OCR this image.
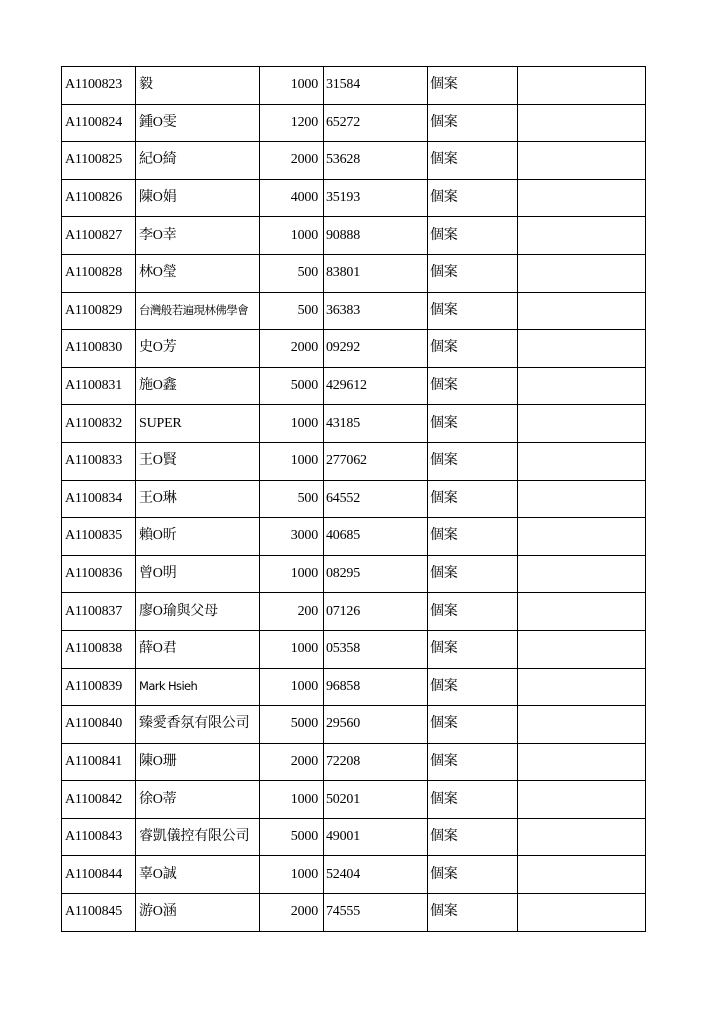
A1100823	毅	1000	31584	個案	
A1100824	鍾O雯	1200	65272	個案	
A1100825	紀O綺	2000	53628	個案	
A1100826	陳O娟	4000	35193	個案	
A1100827	李O幸	1000	90888	個案	
A1100828	林O瑩	500	83801	個案	
A1100829	台灣般若遍現林佛學會	500	36383	個案	
A1100830	史O芳	2000	09292	個案	
A1100831	施O鑫	5000	429612	個案	
A1100832	SUPER	1000	43185	個案	
A1100833	王O賢	1000	277062	個案	
A1100834	王O琳	500	64552	個案	
A1100835	賴O昕	3000	40685	個案	
A1100836	曾O明	1000	08295	個案	
A1100837	廖O瑜與父母	200	07126	個案	
A1100838	薛O君	1000	05358	個案	
A1100839	Mark Hsieh	1000	96858	個案	
A1100840	臻愛香氛有限公司	5000	29560	個案	
A1100841	陳O珊	2000	72208	個案	
A1100842	徐O蒂	1000	50201	個案	
A1100843	睿凱儀控有限公司	5000	49001	個案	
A1100844	辜O誠	1000	52404	個案	
A1100845	游O涵	2000	74555	個案	
